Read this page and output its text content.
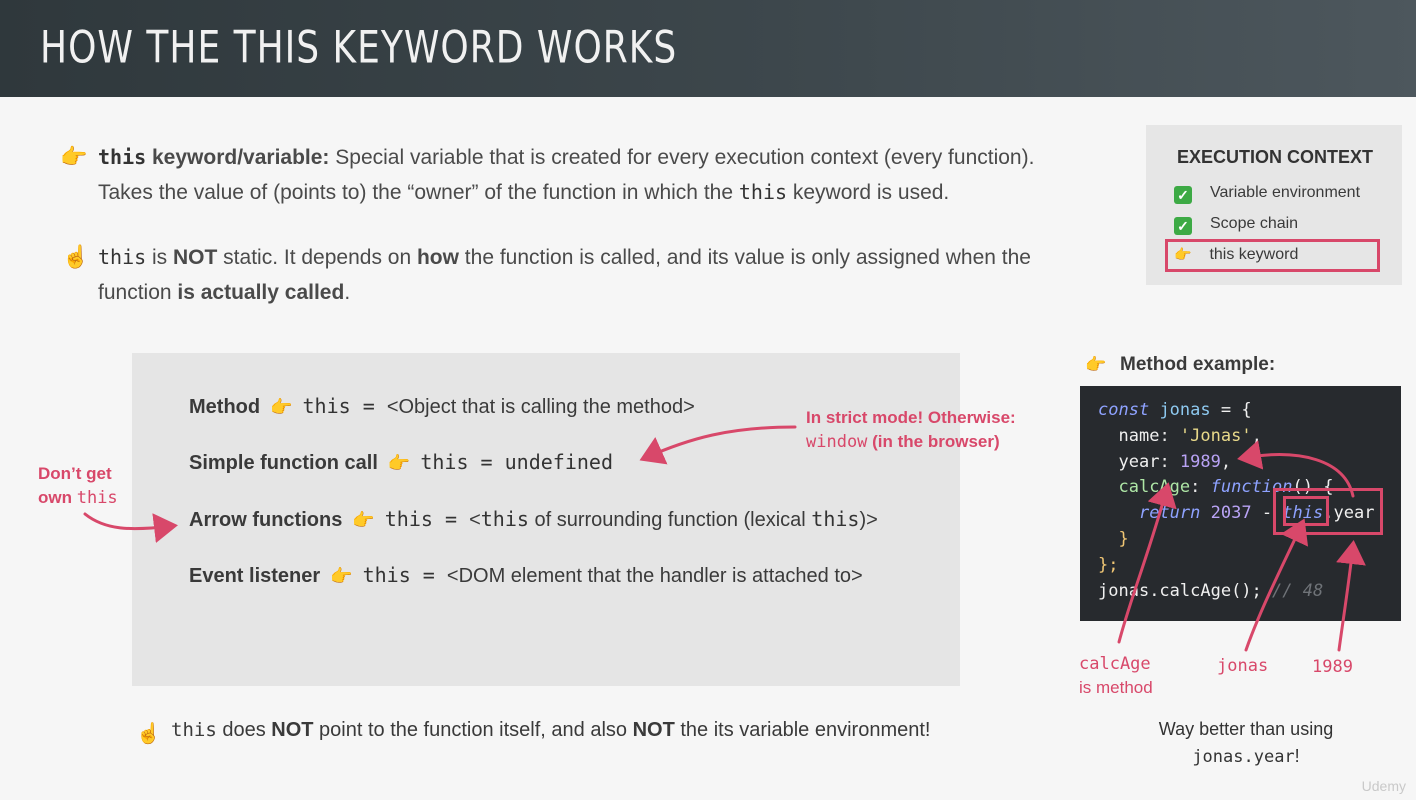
HOW THE THIS KEYWORD WORKS
👉 this keyword/variable: Special variable that is created for every execution context (every function).
Takes the value of (points to) the “owner” of the function in which the this keyword is used.
☝️ this is NOT static. It depends on how the function is called, and its value is only assigned when the
function is actually called.
EXECUTION CONTEXT
✓ Variable environment
✓ Scope chain
👉 this keyword
Method 👉 this = <Object that is calling the method>
Simple function call 👉 this = undefined
Arrow functions 👉 this = <this of surrounding function (lexical this)>
Event listener 👉 this = <DOM element that the handler is attached to>
In strict mode! Otherwise:
window (in the browser)
Don’t get
own this
👉 Method example:
const jonas = {
name: 'Jonas',
year: 1989,
calcAge: function() {
return 2037 - this.year
}
};
jonas.calcAge(); // 48
calcAge
is method
jonas	1989
Way better than using
jonas.year!
☝️ this does NOT point to the function itself, and also NOT the its variable environment!
Udemy
